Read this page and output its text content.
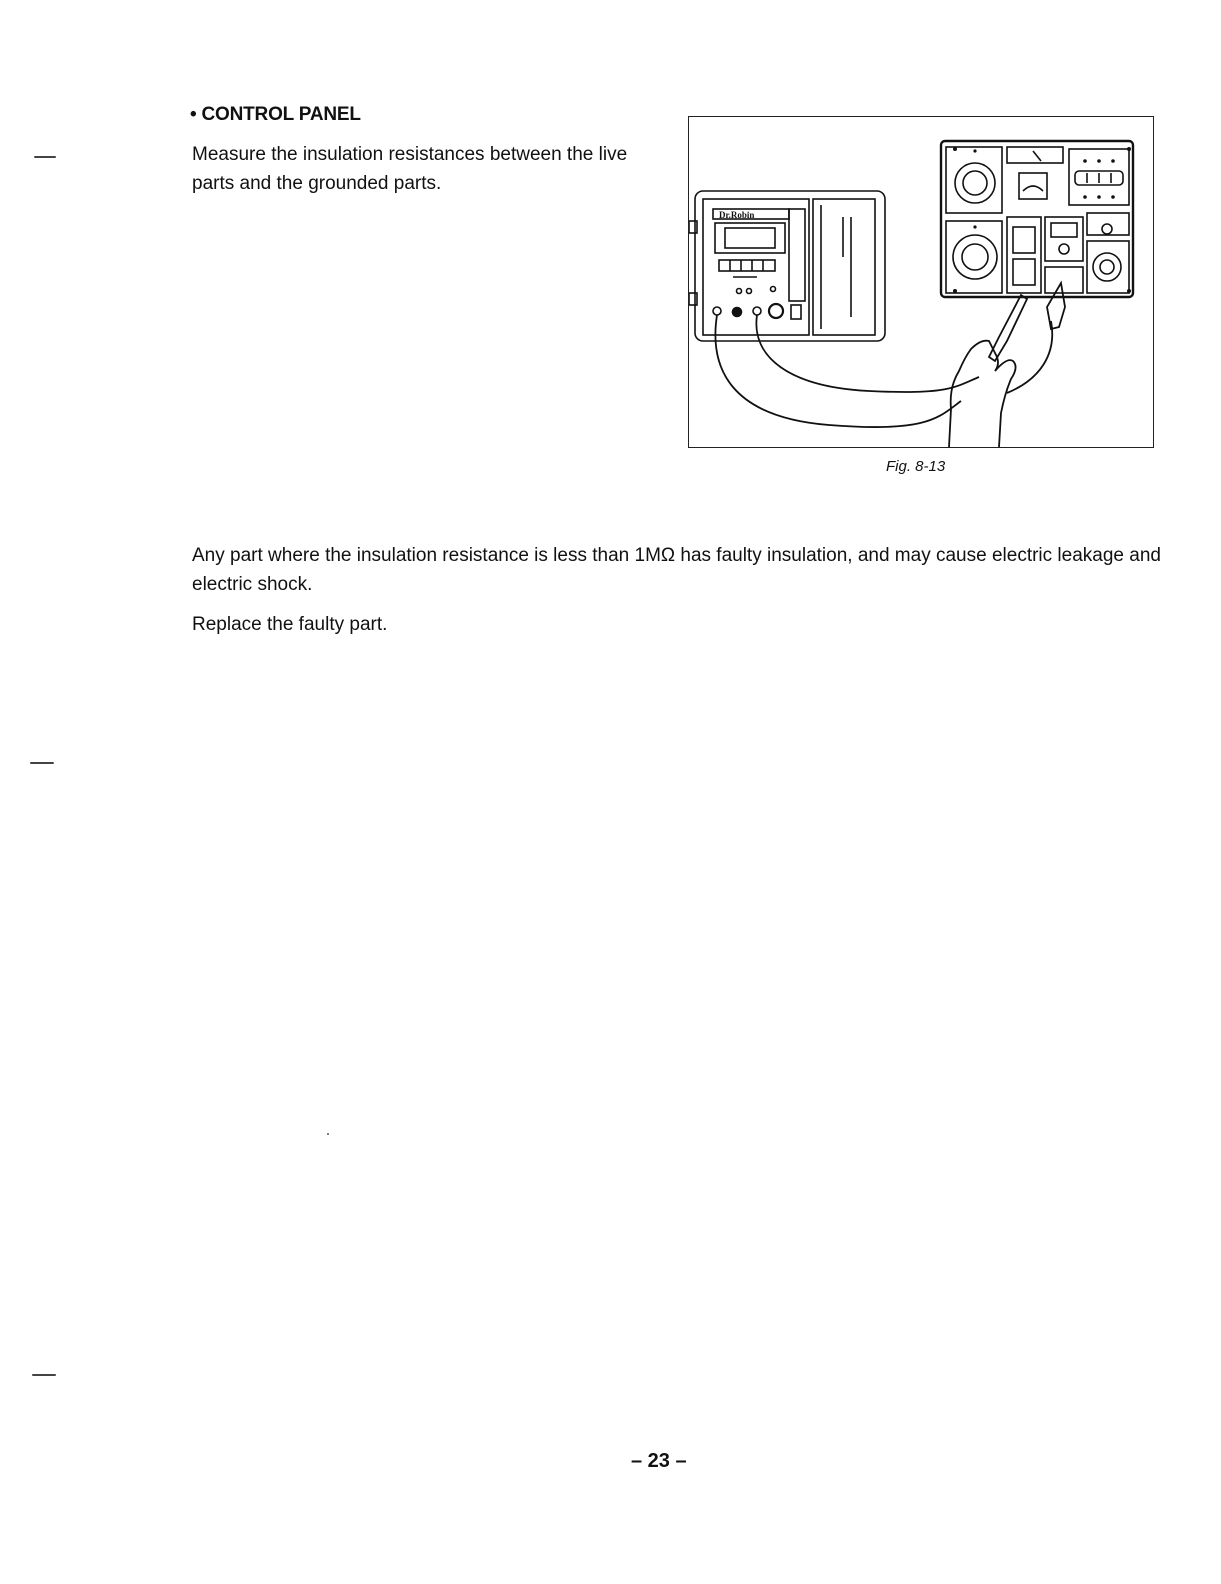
• CONTROL PANEL
Measure the insulation resistances between the live parts and the grounded parts.
Dr.Robin
Fig. 8-13

Any part where the insulation resistance is less than 1MΩ has faulty insulation, and may cause electric leakage and electric shock.

Replace the faulty part.

– 23 –
